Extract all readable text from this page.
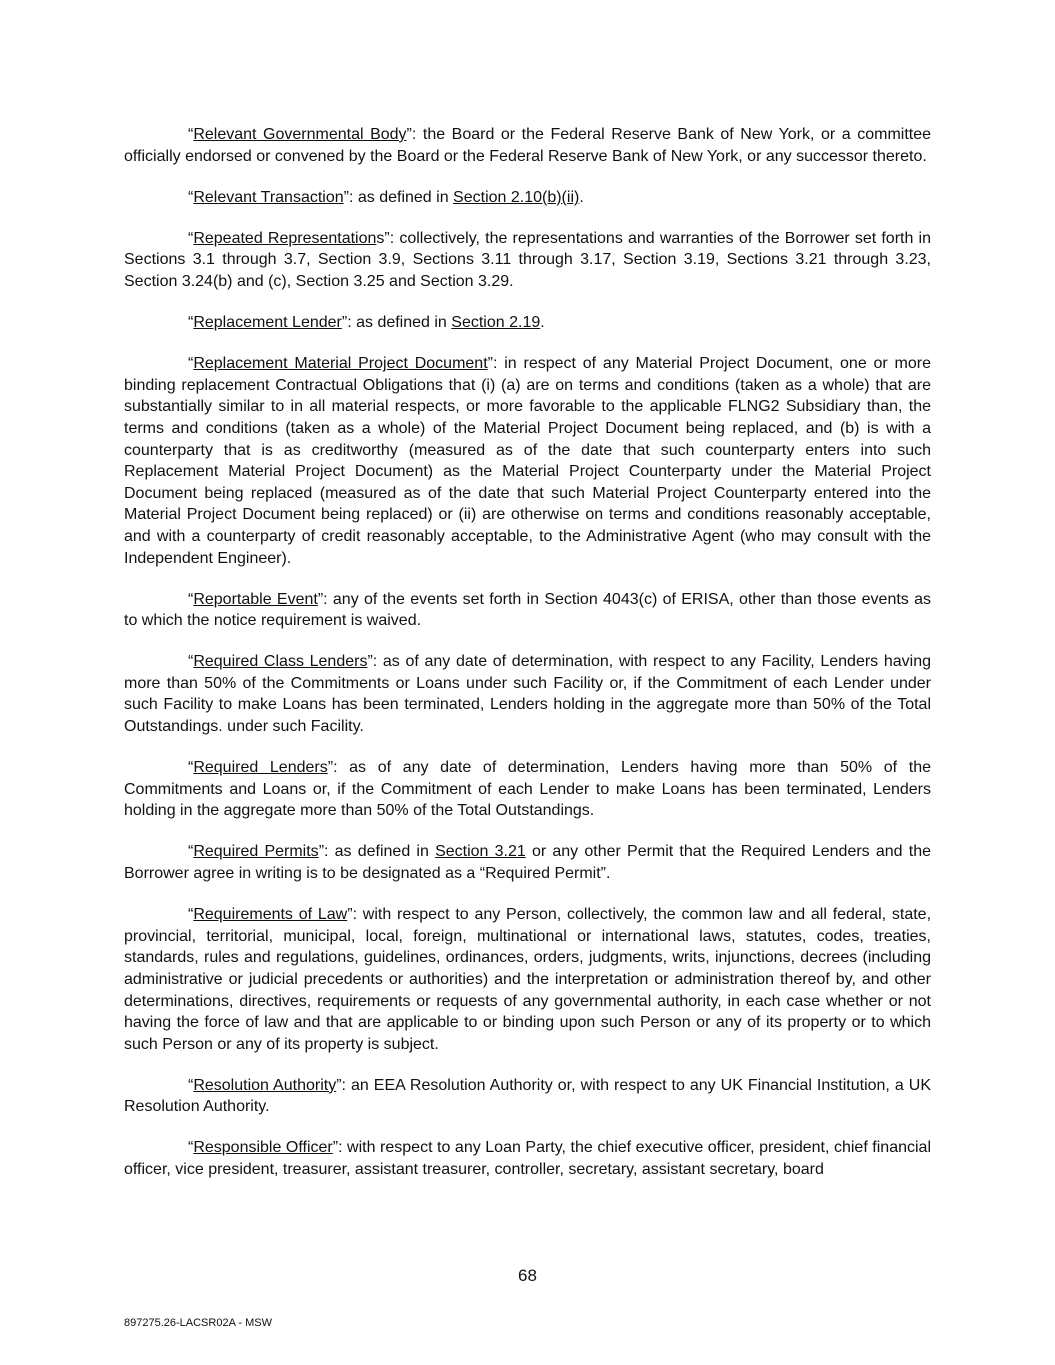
“Relevant Governmental Body”: the Board or the Federal Reserve Bank of New York, or a committee officially endorsed or convened by the Board or the Federal Reserve Bank of New York, or any successor thereto.

“Relevant Transaction”: as defined in Section 2.10(b)(ii).

“Repeated Representations”: collectively, the representations and warranties of the Borrower set forth in Sections 3.1 through 3.7, Section 3.9, Sections 3.11 through 3.17, Section 3.19, Sections 3.21 through 3.23, Section 3.24(b) and (c), Section 3.25 and Section 3.29.

“Replacement Lender”: as defined in Section 2.19.

“Replacement Material Project Document”: in respect of any Material Project Document, one or more binding replacement Contractual Obligations that (i) (a) are on terms and conditions (taken as a whole) that are substantially similar to in all material respects, or more favorable to the applicable FLNG2 Subsidiary than, the terms and conditions (taken as a whole) of the Material Project Document being replaced, and (b) is with a counterparty that is as creditworthy (measured as of the date that such counterparty enters into such Replacement Material Project Document) as the Material Project Counterparty under the Material Project Document being replaced (measured as of the date that such Material Project Counterparty entered into the Material Project Document being replaced) or (ii) are otherwise on terms and conditions reasonably acceptable, and with a counterparty of credit reasonably acceptable, to the Administrative Agent (who may consult with the Independent Engineer).

“Reportable Event”: any of the events set forth in Section 4043(c) of ERISA, other than those events as to which the notice requirement is waived.

“Required Class Lenders”: as of any date of determination, with respect to any Facility, Lenders having more than 50% of the Commitments or Loans under such Facility or, if the Commitment of each Lender under such Facility to make Loans has been terminated, Lenders holding in the aggregate more than 50% of the Total Outstandings. under such Facility.

“Required Lenders”: as of any date of determination, Lenders having more than 50% of the Commitments and Loans or, if the Commitment of each Lender to make Loans has been terminated, Lenders holding in the aggregate more than 50% of the Total Outstandings.

“Required Permits”: as defined in Section 3.21 or any other Permit that the Required Lenders and the Borrower agree in writing is to be designated as a “Required Permit”.

“Requirements of Law”: with respect to any Person, collectively, the common law and all federal, state, provincial, territorial, municipal, local, foreign, multinational or international laws, statutes, codes, treaties, standards, rules and regulations, guidelines, ordinances, orders, judgments, writs, injunctions, decrees (including administrative or judicial precedents or authorities) and the interpretation or administration thereof by, and other determinations, directives, requirements or requests of any governmental authority, in each case whether or not having the force of law and that are applicable to or binding upon such Person or any of its property or to which such Person or any of its property is subject.

“Resolution Authority”: an EEA Resolution Authority or, with respect to any UK Financial Institution, a UK Resolution Authority.

“Responsible Officer”: with respect to any Loan Party, the chief executive officer, president, chief financial officer, vice president, treasurer, assistant treasurer, controller, secretary, assistant secretary, board

68
897275.26-LACSR02A - MSW
